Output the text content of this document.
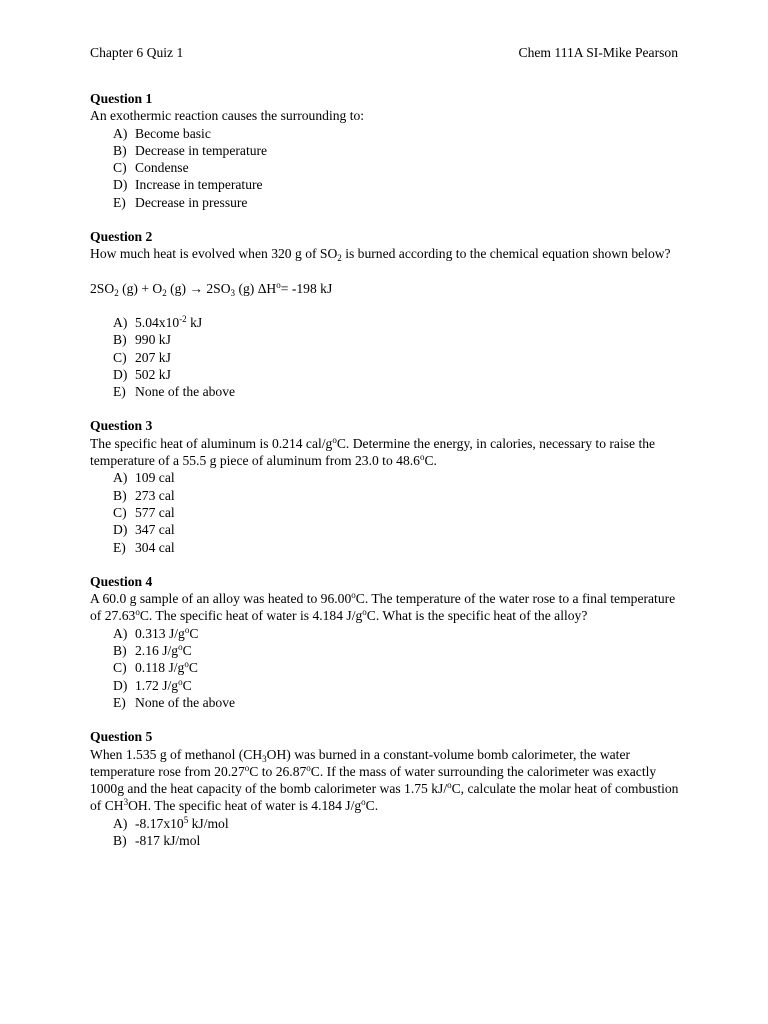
Chapter 6 Quiz 1	Chem 111A SI-Mike Pearson
Question 1
An exothermic reaction causes the surrounding to:
A) Become basic
B) Decrease in temperature
C) Condense
D) Increase in temperature
E) Decrease in pressure
Question 2
How much heat is evolved when 320 g of $SO_2$ is burned according to the chemical equation shown below?
$2SO_2$ $(g) + O_2$ $(g) \to 2SO_3$ (g) $\Delta H^o= -198$ kJ
A) $5.04x10^{-2}$ kJ
B) 990 kJ
C) 207 kJ
D) 502 kJ
E) None of the above
Question 3
The specific heat of aluminum is 0.214 cal/$g^oC$. Determine the energy, in calories, necessary to raise the temperature of a 55.5 g piece of aluminum from 23.0 to 48.6$^o$C.
A) 109 cal
B) 273 cal
C) 577 cal
D) 347 cal
E) 304 cal
Question 4
A 60.0 g sample of an alloy was heated to 96.00$^o$C. The temperature of the water rose to a final temperature of 27.63$^o$C. The specific heat of water is 4.184 $J/g^oC$. What is the specific heat of the alloy?
A) 0.313 $J/g^oC$
B) 2.16 $J/g^oC$
C) 0.118 $J/g^oC$
D) 1.72 $J/g^oC$
E) None of the above
Question 5
When 1.535 g of methanol $(CH_3OH)$ was burned in a constant-volume bomb calorimeter, the water temperature rose from 20.27$^o$C to 26.87$^o$C. If the mass of water surrounding the calorimeter was exactly 1000g and the heat capacity of the bomb calorimeter was 1.75 kJ/$^o$C, calculate the molar heat of combustion of $CH^3OH$. The specific heat of water is 4.184 $J/g^oC$.
A) $-8.17x10^5$ kJ/mol
B) -817 kJ/mol
